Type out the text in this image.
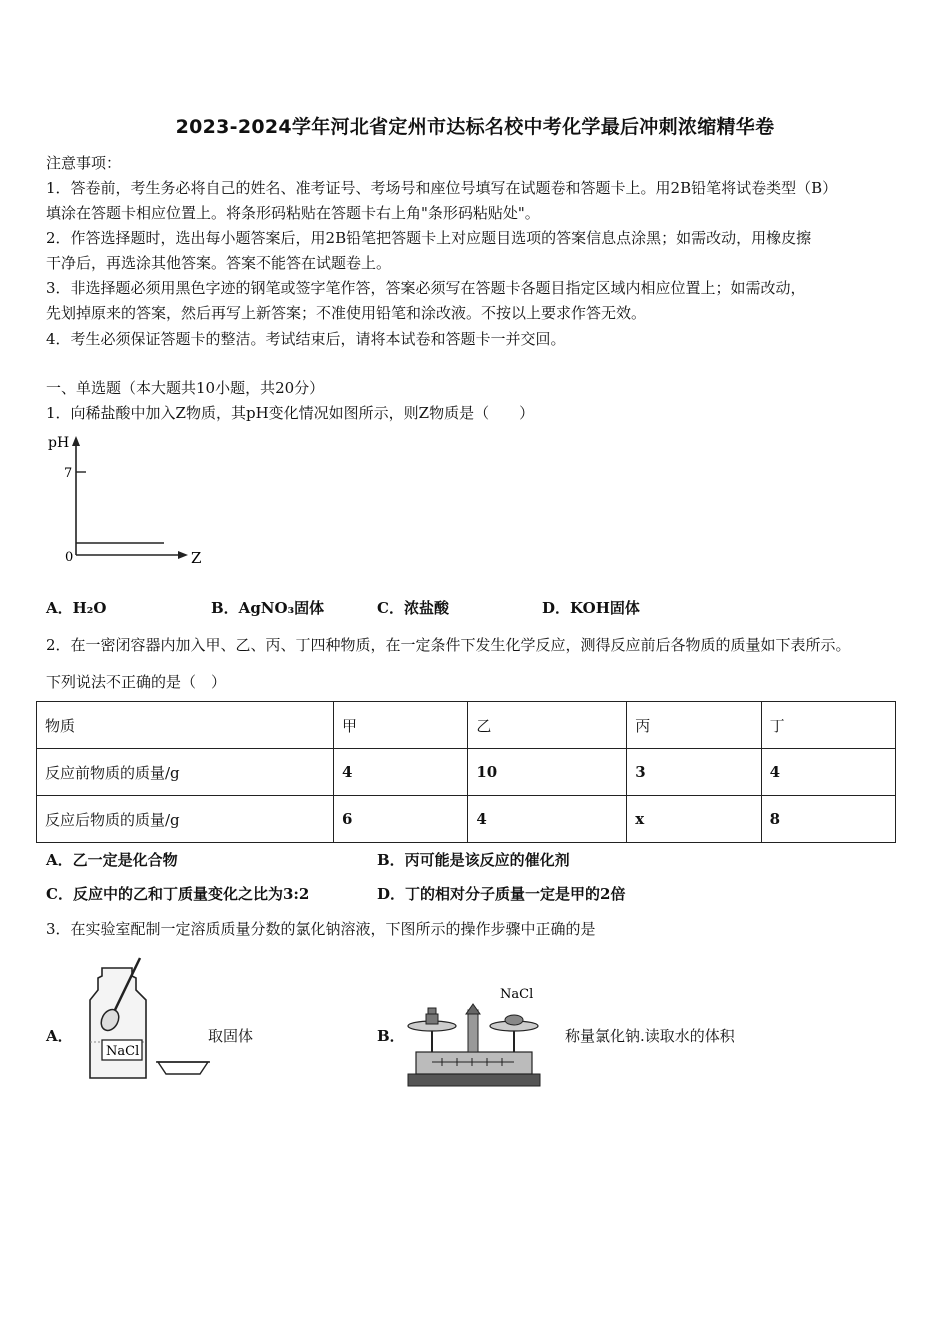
2023-2024学年河北省定州市达标名校中考化学最后冲刺浓缩精华卷
注意事项：
1．答卷前，考生务必将自己的姓名、准考证号、考场号和座位号填写在试题卷和答题卡上。用2B铅笔将试卷类型（B）
填涂在答题卡相应位置上。将条形码粘贴在答题卡右上角"条形码粘贴处"。
2．作答选择题时，选出每小题答案后，用2B铅笔把答题卡上对应题目选项的答案信息点涂黑；如需改动，用橡皮擦
干净后，再选涂其他答案。答案不能答在试题卷上。
3．非选择题必须用黑色字迹的钢笔或签字笔作答，答案必须写在答题卡各题目指定区域内相应位置上；如需改动，
先划掉原来的答案，然后再写上新答案；不准使用铅笔和涂改液。不按以上要求作答无效。
4．考生必须保证答题卡的整洁。考试结束后，请将本试卷和答题卡一并交回。
一、单选题（本大题共10小题，共20分）
1．向稀盐酸中加入Z物质，其pH变化情况如图所示，则Z物质是（　　）
pH
7
0	Z
A．H₂O	B．AgNO₃固体	C．浓盐酸	D．KOH固体
2．在一密闭容器内加入甲、乙、丙、丁四种物质，在一定条件下发生化学反应，测得反应前后各物质的质量如下表所示。
下列说法不正确的是（　）
物质	甲	乙	丙	丁
反应前物质的质量/g	4	10	3	4
反应后物质的质量/g	6	4	x	8
A．乙一定是化合物	B．丙可能是该反应的催化剂
C．反应中的乙和丁质量变化之比为3:2	D．丁的相对分子质量一定是甲的2倍
3．在实验室配制一定溶质质量分数的氯化钠溶液，下图所示的操作步骤中正确的是
A．
NaCl
取固体	B．
NaCl
称量氯化钠.读取水的体积
